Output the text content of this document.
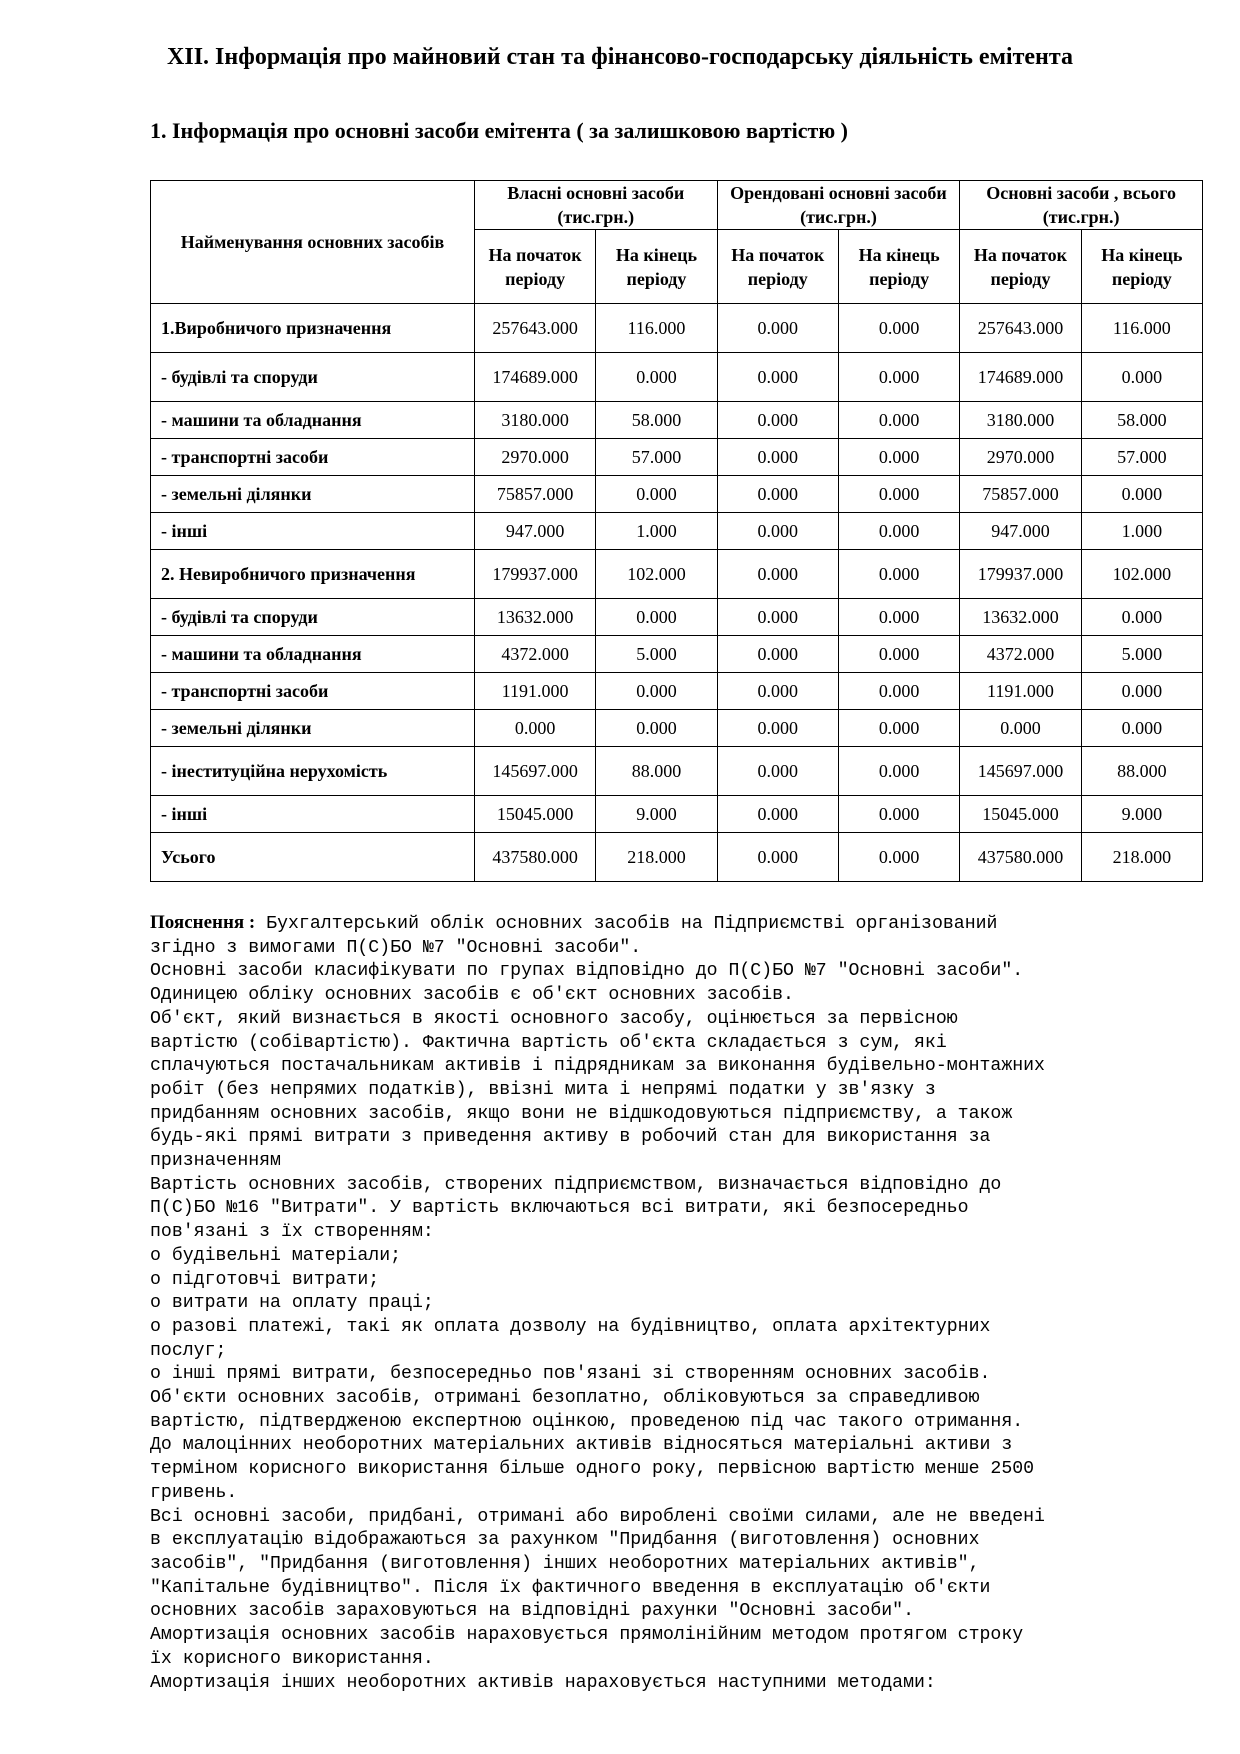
XII. Інформація про майновий стан та фінансово-господарську діяльність емітента
1. Інформація про основні засоби емітента ( за залишковою вартістю )
Найменування основних засобів	Власні основні засоби (тис.грн.)		Орендовані основні засоби (тис.грн.)		Основні засоби , всього (тис.грн.)	
	На початок періоду	На кінець періоду	На початок періоду	На кінець періоду	На початок періоду	На кінець періоду
1.Виробничого призначення	257643.000	116.000	0.000	0.000	257643.000	116.000
- будівлі та споруди	174689.000	0.000	0.000	0.000	174689.000	0.000
- машини та обладнання	3180.000	58.000	0.000	0.000	3180.000	58.000
- транспортні засоби	2970.000	57.000	0.000	0.000	2970.000	57.000
- земельні ділянки	75857.000	0.000	0.000	0.000	75857.000	0.000
- інші	947.000	1.000	0.000	0.000	947.000	1.000
2. Невиробничого призначення	179937.000	102.000	0.000	0.000	179937.000	102.000
- будівлі та споруди	13632.000	0.000	0.000	0.000	13632.000	0.000
- машини та обладнання	4372.000	5.000	0.000	0.000	4372.000	5.000
- транспортні засоби	1191.000	0.000	0.000	0.000	1191.000	0.000
- земельні ділянки	0.000	0.000	0.000	0.000	0.000	0.000
- інеституційна нерухомість	145697.000	88.000	0.000	0.000	145697.000	88.000
- інші	15045.000	9.000	0.000	0.000	15045.000	9.000
Усього	437580.000	218.000	0.000	0.000	437580.000	218.000
Пояснення : Бухгалтерський облік основних засобів на Підприємстві організований
згідно з вимогами П(С)БО №7 "Основні засоби".
Основні засоби класифікувати по групах відповідно до П(С)БО №7 "Основні засоби".
Одиницею обліку основних засобів є об'єкт основних засобів.
Об'єкт, який визнається в якості основного засобу, оцінюється за первісною
вартістю (собівартістю). Фактична вартість об'єкта складається з сум, які
сплачуються постачальникам активів і підрядникам за виконання будівельно-монтажних
робіт (без непрямих податків), ввізні мита і непрямі податки у зв'язку з
придбанням основних засобів, якщо вони не відшкодовуються підприємству, а також
будь-які прямі витрати з приведення активу в робочий стан для використання за
призначенням
Вартість основних засобів, створених підприємством, визначається відповідно до
П(С)БО №16 "Витрати". У вартість включаються всі витрати, які безпосередньо
пов'язані з їх створенням:
о будівельні матеріали;
о підготовчі витрати;
о витрати на оплату праці;
о разові платежі, такі як оплата дозволу на будівництво, оплата архітектурних
послуг;
о інші прямі витрати, безпосередньо пов'язані зі створенням основних засобів.
Об'єкти основних засобів, отримані безоплатно, обліковуються за справедливою
вартістю, підтвердженою експертною оцінкою, проведеною під час такого отримання.
До малоцінних необоротних матеріальних активів відносяться матеріальні активи з
терміном корисного використання більше одного року, первісною вартістю менше 2500
гривень.
Всі основні засоби, придбані, отримані або вироблені своїми силами, але не введені
в експлуатацію відображаються за рахунком "Придбання (виготовлення) основних
засобів", "Придбання (виготовлення) інших необоротних матеріальних активів",
"Капітальне будівництво". Після їх фактичного введення в експлуатацію об'єкти
основних засобів зараховуються на відповідні рахунки "Основні засоби".
Амортизація основних засобів нараховується прямолінійним методом протягом строку
їх корисного використання.
Амортизація інших необоротних активів нараховується наступними методами:
